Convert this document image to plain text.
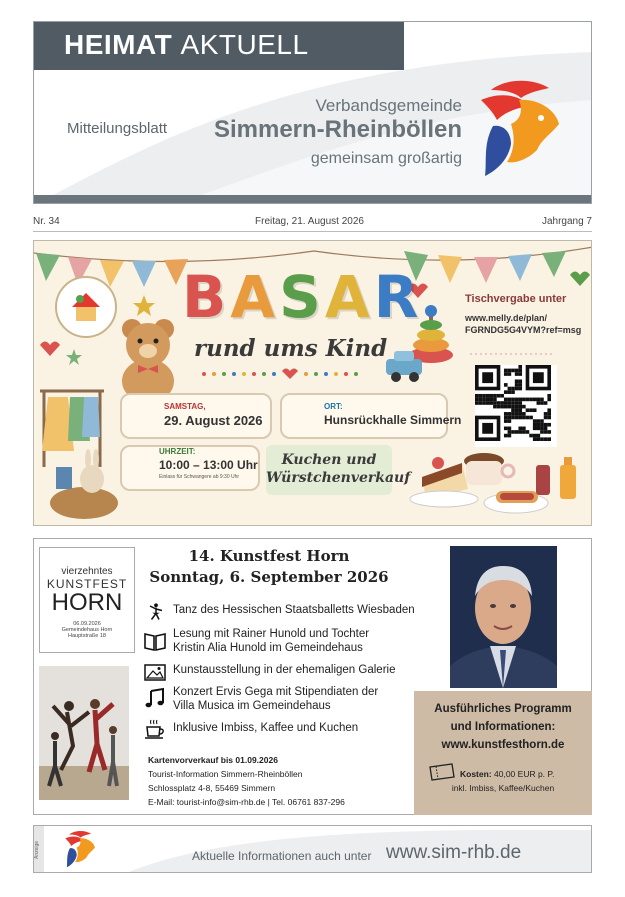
HEIMAT AKTUELL
Mitteilungsblatt
Verbandsgemeinde
Simmern-Rheinböllen
gemeinsam großartig
Nr. 34	Freitag, 21. August 2026	Jahrgang 7
BASAR
rund ums Kind
SAMSTAG,
29. August 2026
ORT:
Hunsrückhalle Simmern
UHRZEIT:
10:00 – 13:00 Uhr
Einlass für Schwangere ab 9:30 Uhr
Kuchen und
Würstchenverkauf
Tischvergabe unter
www.melly.de/plan/
FGRNDG5G4VYM?ref=msg
vierzehntes
KUNSTFEST
HORN
06.09.2026
Gemeindehaus Horn
Hauptstraße 18
14. Kunstfest Horn
Sonntag, 6. September 2026
Tanz des Hessischen Staatsballetts Wiesbaden
Lesung mit Rainer Hunold und Tochter
Kristin Alia Hunold im Gemeindehaus
Kunstausstellung in der ehemaligen Galerie
Konzert Ervis Gega mit Stipendiaten der
Villa Musica im Gemeindehaus
Inklusive Imbiss, Kaffee und Kuchen
Kartenvorverkauf bis 01.09.2026
Tourist-Information Simmern-Rheinböllen
Schlossplatz 4-8, 55469 Simmern
E-Mail: tourist-info@sim-rhb.de | Tel. 06761 837-296
Ausführliches Programm
und Informationen:
www.kunstfesthorn.de
Kosten: 40,00 EUR p. P.
inkl. Imbiss, Kaffee/Kuchen
Anzeige	Aktuelle Informationen auch unter www.sim-rhb.de
